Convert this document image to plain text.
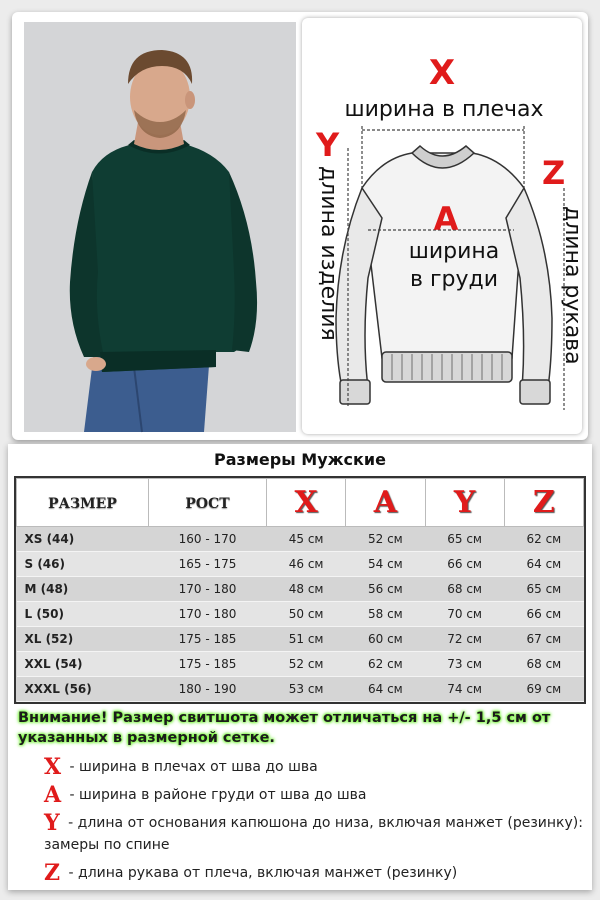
X
ширина в плечах
Y
длина изделия	A
ширина
в груди
Z
длина рукава
Размеры Мужские
РАЗМЕР	РОСТ	X	A	Y	Z
XS (44)	160 - 170	45 см	52 см	65 см	62 см
S (46)	165 - 175	46 см	54 см	66 см	64 см
M (48)	170 - 180	48 см	56 см	68 см	65 см
L (50)	170 - 180	50 см	58 см	70 см	66 см
XL (52)	175 - 185	51 см	60 см	72 см	67 см
XXL (54)	175 - 185	52 см	62 см	73 см	68 см
XXXL (56)	180 - 190	53 см	64 см	74 см	69 см
Внимание! Размер свитшота может отличаться на +/- 1,5 см от указанных в размерной сетке.
X - ширина в плечах от шва до шва
A - ширина в районе груди от шва до шва
Y - длина от основания капюшона до низа, включая манжет (резинку): замеры по спине
Z - длина рукава от плеча, включая манжет (резинку)
